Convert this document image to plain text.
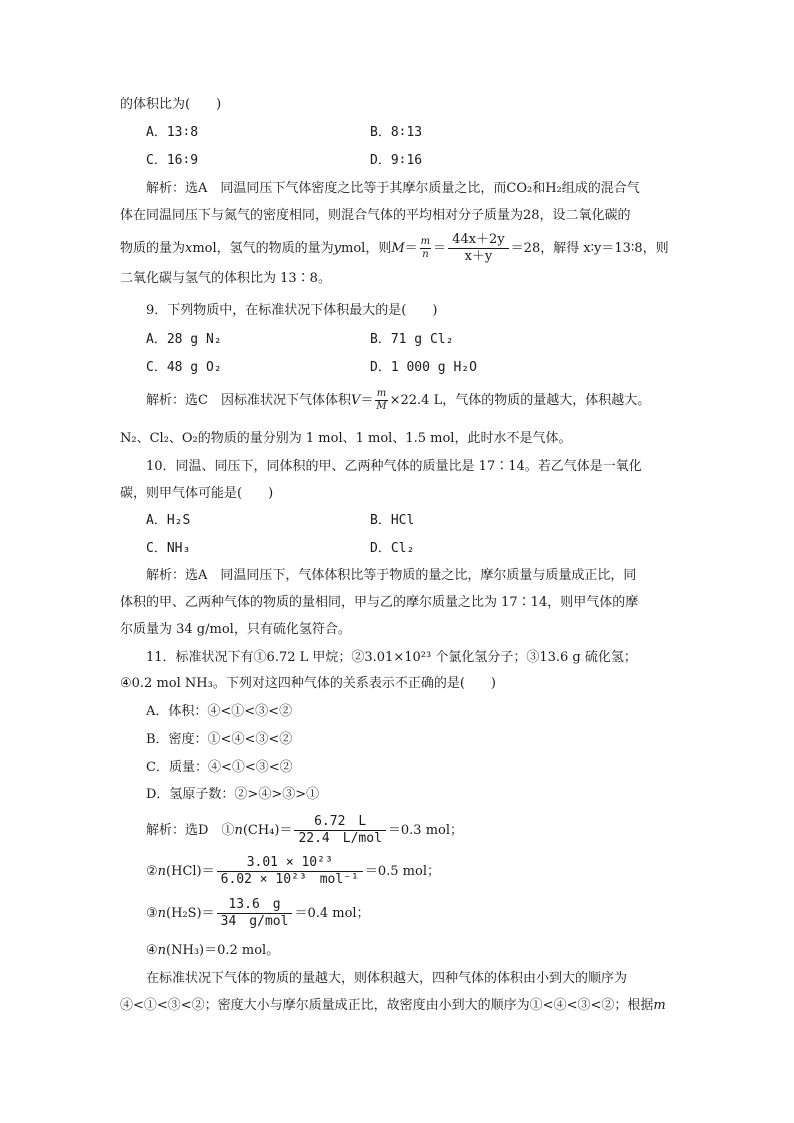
的体积比为(　　)
A．13∶8	B．8∶13
C．16∶9	D．9∶16
解析：选A　同温同压下气体密度之比等于其摩尔质量之比，而CO₂和H₂组成的混合气
体在同温同压下与氮气的密度相同，则混合气体的平均相对分子质量为28，设二氧化碳的
物质的量为xmol，氢气的物质的量为ymol，则$M= \frac{m}{n} = \frac{44x+2y}{x+y} =28$，解得 x∶y＝13∶8，则
二氧化碳与氢气的体积比为 13∶8。
9．下列物质中，在标准状况下体积最大的是(　　)
A．28 g N₂	B．71 g Cl₂
C．48 g O₂	D．1 000 g H₂O
解析：选C　因标准状况下气体体积$V= \frac{m}{M} \times 22.4$ L，气体的物质的量越大，体积越大。
N₂、Cl₂、O₂的物质的量分别为 1 mol、1 mol、1.5 mol，此时水不是气体。
10．同温、同压下，同体积的甲、乙两种气体的质量比是 17∶14。若乙气体是一氧化
碳，则甲气体可能是(　　)
A．H₂S	B．HCl
C．NH₃	D．Cl₂
解析：选A　同温同压下，气体体积比等于物质的量之比，摩尔质量与质量成正比，同
体积的甲、乙两种气体的物质的量相同，甲与乙的摩尔质量之比为 17∶14，则甲气体的摩
尔质量为 34 g/mol，只有硫化氢符合。
11．标准状况下有①6.72 L 甲烷；②3.01×10²³ 个氯化氢分子；③13.6 g 硫化氢；
④0.2 mol NH₃。下列对这四种气体的关系表示不正确的是(　　)
A．体积：④<①<③<②
B．密度：①<④<③<②
C．质量：④<①<③<②
D．氢原子数：②>④>③>①
解析：选D　①n(CH₄)＝ $\frac{6.72 L}{\text{22.4　L/mol}} =0.3$ mol；
②n(HCl)＝ $\frac{\text{3.01 × 10²³}}{\text{6.02 × 10²³　mol⁻¹}} =0.5$ mol；
③n(H₂S)＝ $\frac{13.6 g}{\text{34　g/mol}} =0.4$ mol；
④n(NH₃)＝0.2 mol。
在标准状况下气体的物质的量越大，则体积越大，四种气体的体积由小到大的顺序为
④<①<③<②；密度大小与摩尔质量成正比，故密度由小到大的顺序为①<④<③<②；根据m
